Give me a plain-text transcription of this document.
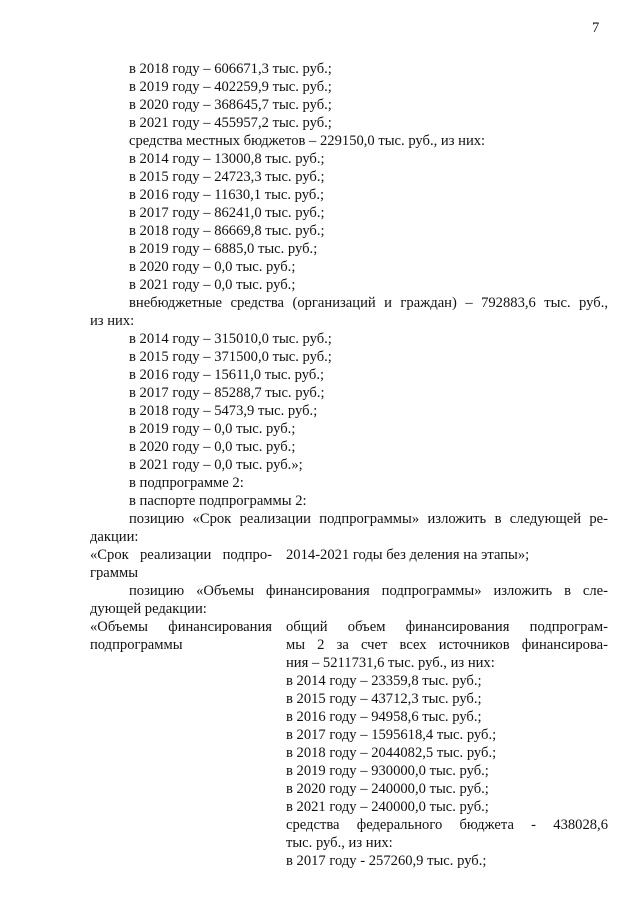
7
в 2018 году – 606671,3 тыс. руб.;
в 2019 году – 402259,9 тыс. руб.;
в 2020 году – 368645,7 тыс. руб.;
в 2021 году – 455957,2 тыс. руб.;
средства местных бюджетов – 229150,0 тыс. руб., из них:
в 2014 году – 13000,8 тыс. руб.;
в 2015 году – 24723,3 тыс. руб.;
в 2016 году – 11630,1 тыс. руб.;
в 2017 году – 86241,0 тыс. руб.;
в 2018 году – 86669,8 тыс. руб.;
в 2019 году – 6885,0 тыс. руб.;
в 2020 году – 0,0 тыс. руб.;
в 2021 году – 0,0 тыс. руб.;
внебюджетные средства (организаций и граждан) – 792883,6 тыс. руб.,
из них:
в 2014 году – 315010,0 тыс. руб.;
в 2015 году – 371500,0 тыс. руб.;
в 2016 году – 15611,0 тыс. руб.;
в 2017 году – 85288,7 тыс. руб.;
в 2018 году – 5473,9 тыс. руб.;
в 2019 году – 0,0 тыс. руб.;
в 2020 году – 0,0 тыс. руб.;
в 2021 году – 0,0 тыс. руб.»;
в подпрограмме 2:
в паспорте подпрограммы 2:
позицию «Срок реализации подпрограммы» изложить в следующей ре-
дакции:
«Срок реализации подпро-
граммы
2014-2021 годы без деления на этапы»;
позицию «Объемы финансирования подпрограммы» изложить в сле-
дующей редакции:
«Объемы финансирования
подпрограммы
общий объем финансирования подпрограм-
мы 2 за счет всех источников финансирова-
ния – 5211731,6 тыс. руб., из них:
в 2014 году – 23359,8 тыс. руб.;
в 2015 году – 43712,3 тыс. руб.;
в 2016 году – 94958,6 тыс. руб.;
в 2017 году – 1595618,4 тыс. руб.;
в 2018 году – 2044082,5 тыс. руб.;
в 2019 году – 930000,0 тыс. руб.;
в 2020 году – 240000,0 тыс. руб.;
в 2021 году – 240000,0 тыс. руб.;
средства федерального бюджета - 438028,6
тыс. руб., из них:
в 2017 году - 257260,9 тыс. руб.;
